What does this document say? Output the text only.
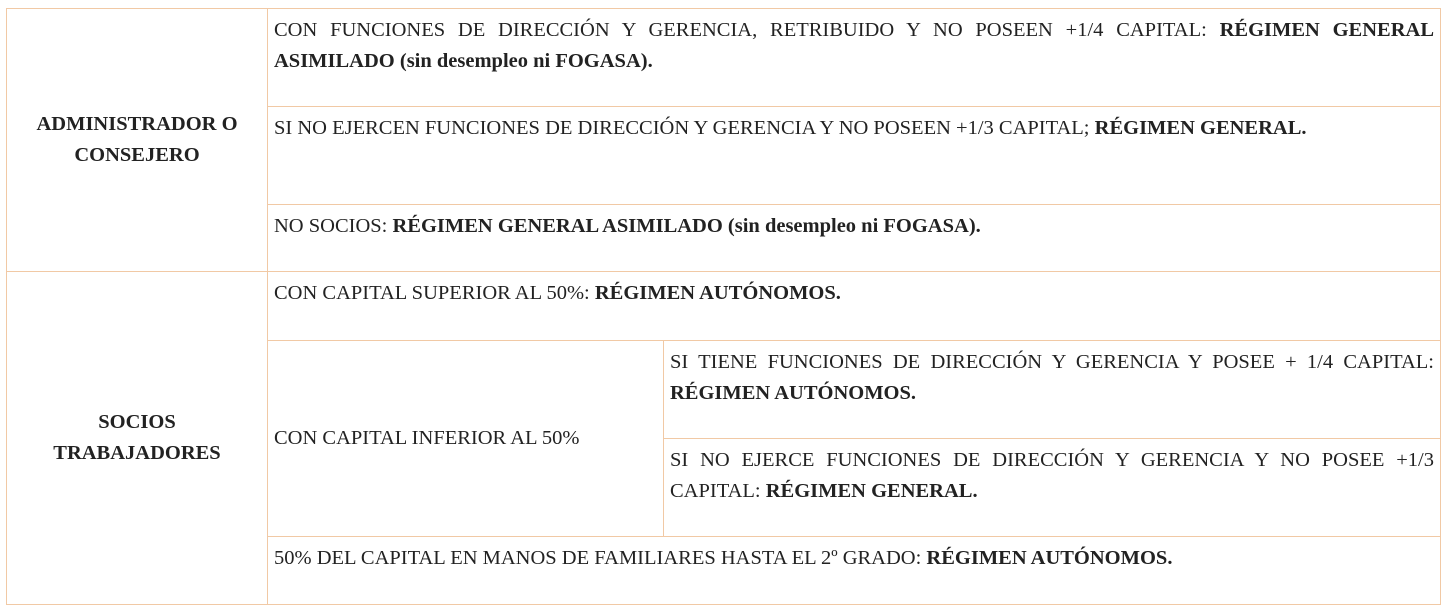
ADMINISTRADOR O CONSEJERO	CON FUNCIONES DE DIRECCIÓN Y GERENCIA, RETRIBUIDO Y NO POSEEN +1/4 CAPITAL: RÉGIMEN GENERAL ASIMILADO (sin desempleo ni FOGASA).	
	SI NO EJERCEN FUNCIONES DE DIRECCIÓN Y GERENCIA Y NO POSEEN +1/3 CAPITAL; RÉGIMEN GENERAL.	
	NO SOCIOS: RÉGIMEN GENERAL ASIMILADO (sin desempleo ni FOGASA).	
SOCIOS TRABAJADORES	CON CAPITAL SUPERIOR AL 50%: RÉGIMEN AUTÓNOMOS.	
	CON CAPITAL INFERIOR AL 50%	SI TIENE FUNCIONES DE DIRECCIÓN Y GERENCIA Y POSEE + 1/4 CAPITAL: RÉGIMEN AUTÓNOMOS.
		SI NO EJERCE FUNCIONES DE DIRECCIÓN Y GERENCIA Y NO POSEE +1/3 CAPITAL: RÉGIMEN GENERAL.
	50% DEL CAPITAL EN MANOS DE FAMILIARES HASTA EL 2º GRADO: RÉGIMEN AUTÓNOMOS.	
